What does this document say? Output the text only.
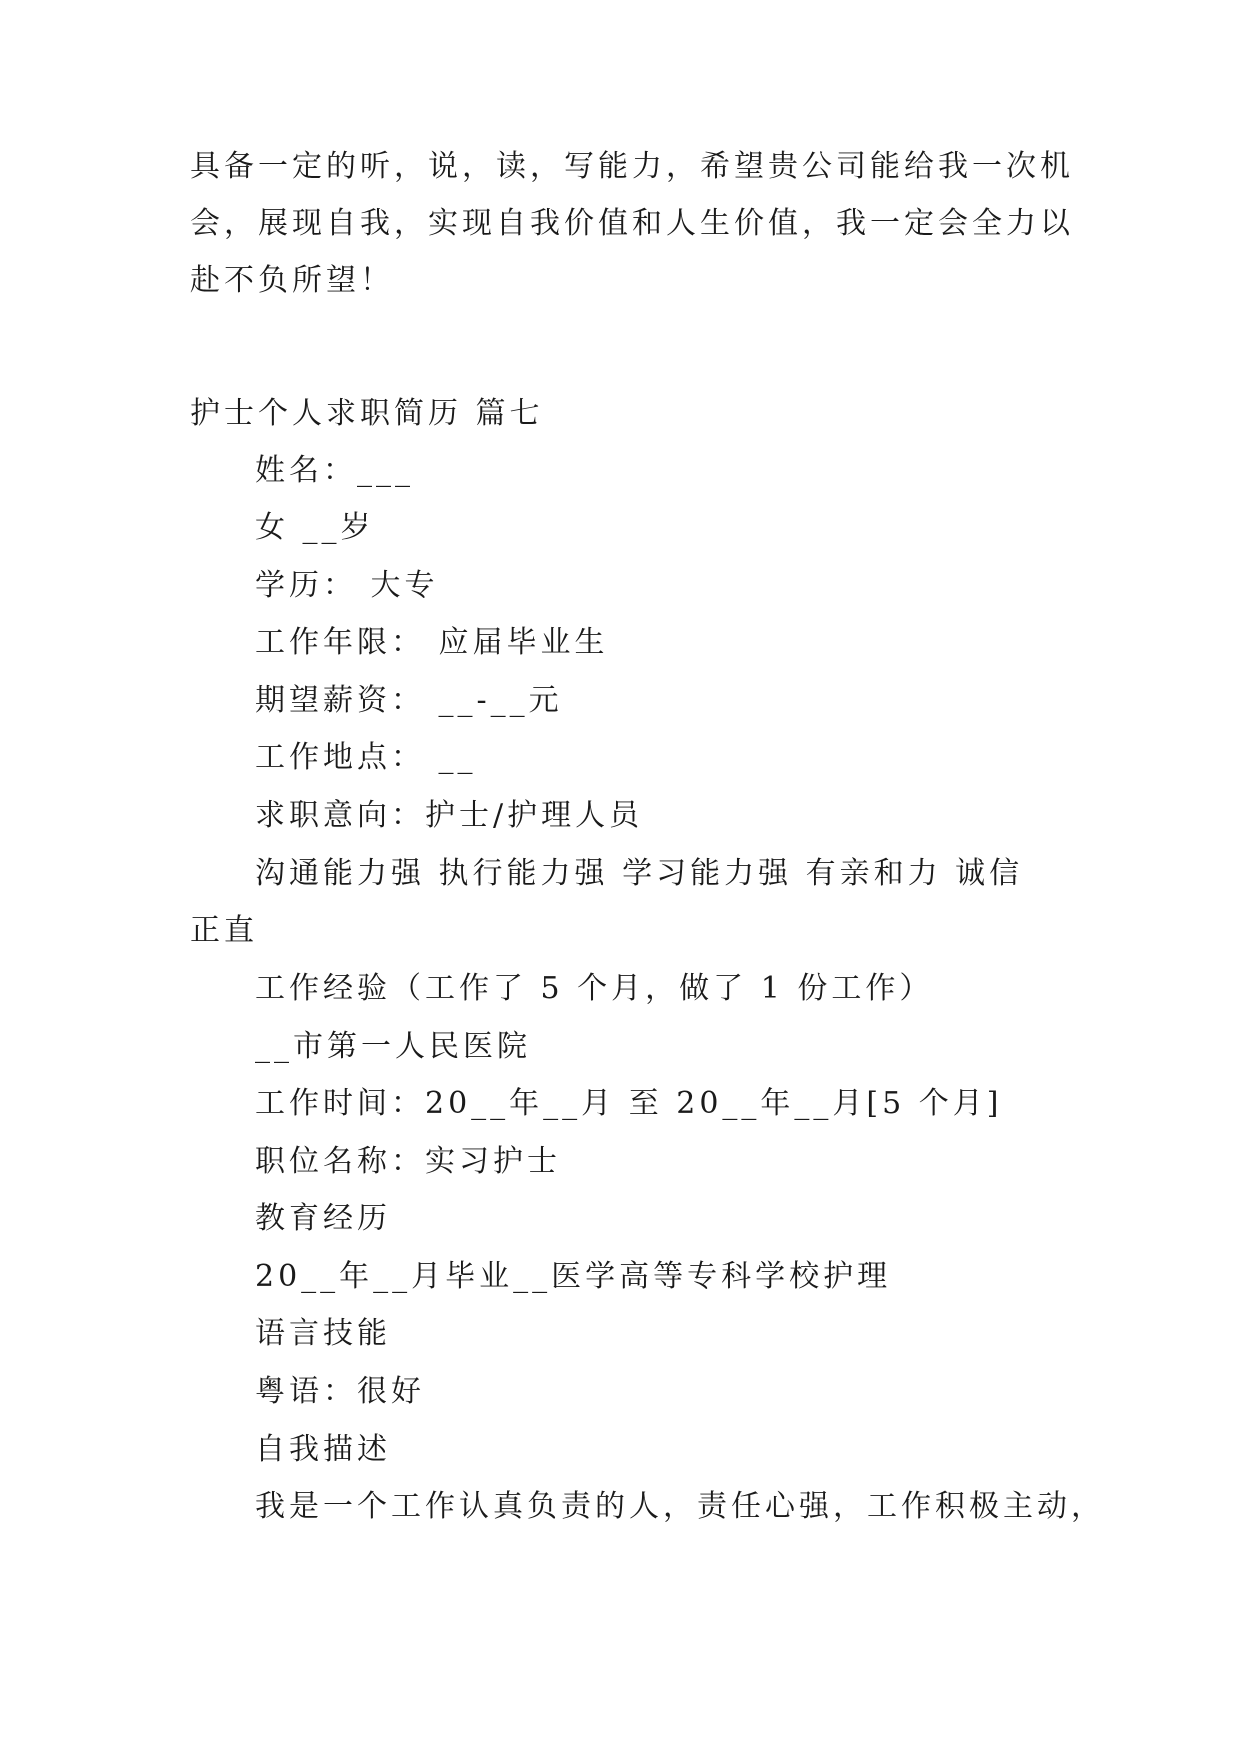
具备一定的听，说，读，写能力，希望贵公司能给我一次机

会，展现自我，实现自我价值和人生价值，我一定会全力以

赴不负所望！

护士个人求职简历 篇七

姓名：___

女 __岁

学历： 大专

工作年限： 应届毕业生

期望薪资： __-__元

工作地点： __

求职意向：护士/护理人员

沟通能力强 执行能力强 学习能力强 有亲和力 诚信

正直

工作经验（工作了 5 个月，做了 1 份工作）

__市第一人民医院

工作时间：20__年__月 至 20__年__月[5 个月]

职位名称：实习护士

教育经历

20__年__月毕业__医学高等专科学校护理

语言技能

粤语：很好

自我描述

我是一个工作认真负责的人，责任心强，工作积极主动，
